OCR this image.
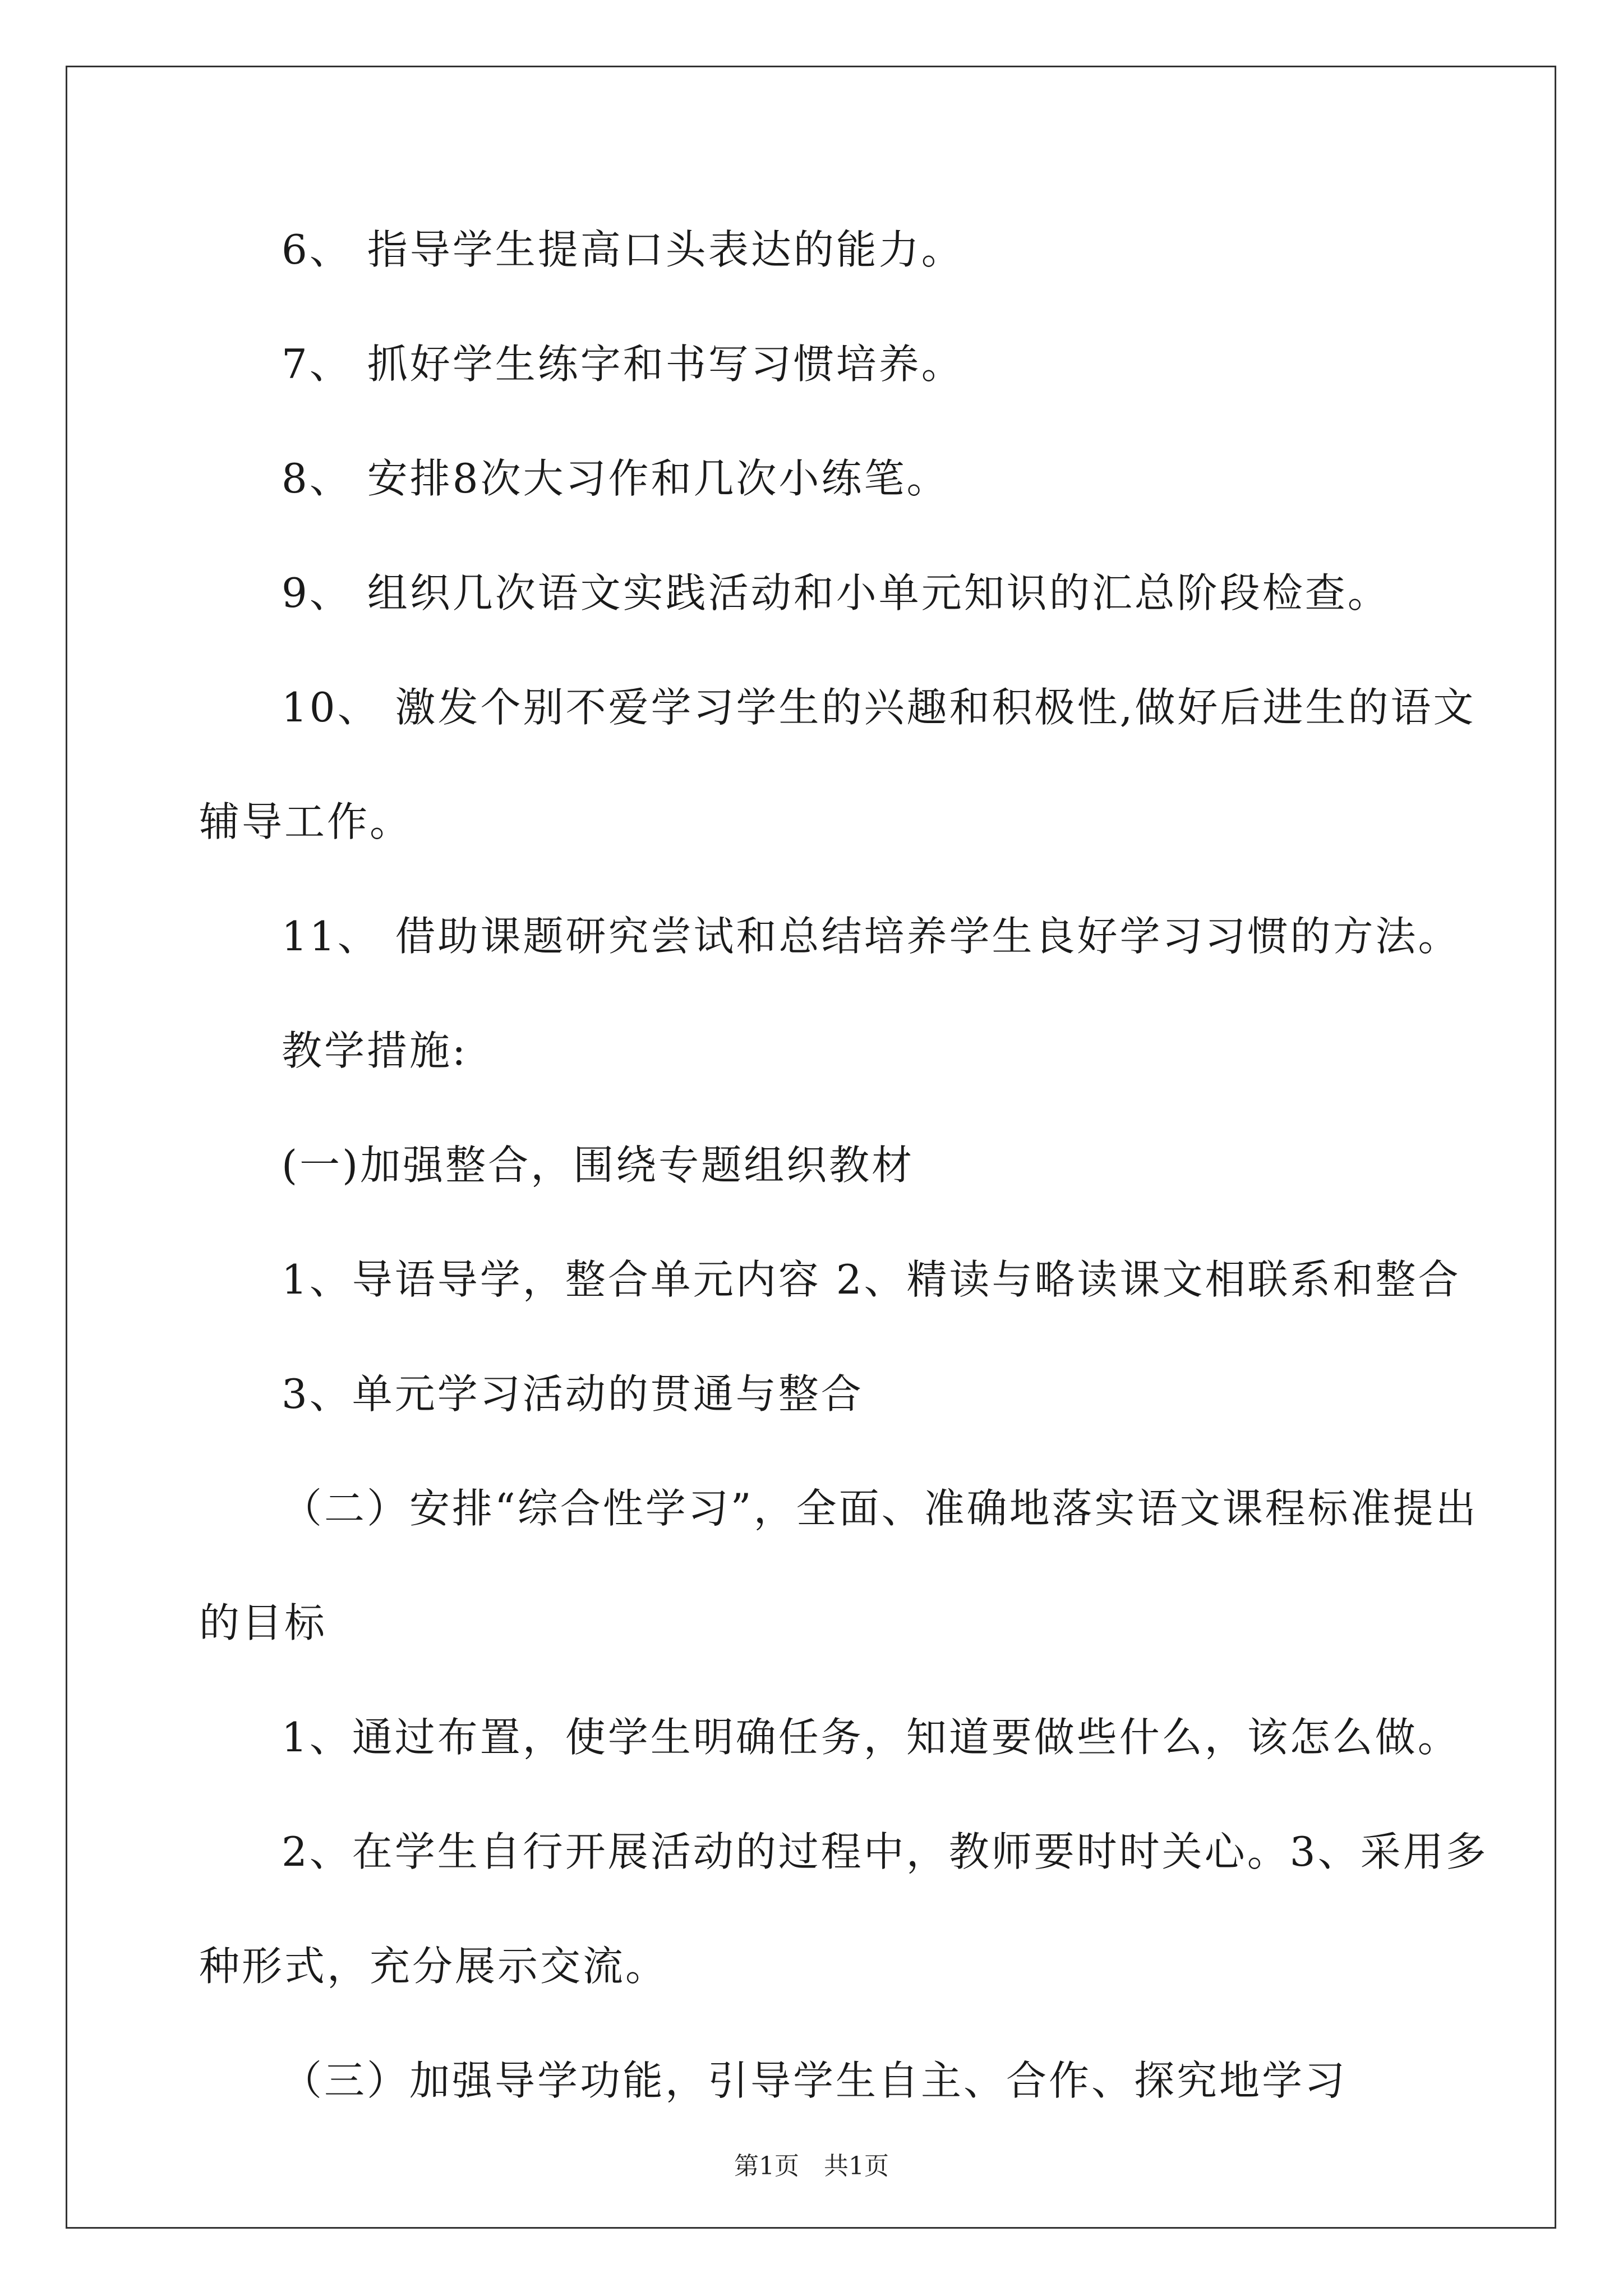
6、 指导学生提高口头表达的能力。
7、 抓好学生练字和书写习惯培养。
8、 安排8次大习作和几次小练笔。
9、 组织几次语文实践活动和小单元知识的汇总阶段检查。
10、 激发个别不爱学习学生的兴趣和积极性,做好后进生的语文
辅导工作。
11、 借助课题研究尝试和总结培养学生良好学习习惯的方法。
教学措施:
(一)加强整合，围绕专题组织教材
1、导语导学，整合单元内容 2、精读与略读课文相联系和整合
3、单元学习活动的贯通与整合
（二）安排“综合性学习”，全面、准确地落实语文课程标准提出
的目标
1、通过布置，使学生明确任务，知道要做些什么，该怎么做。
2、在学生自行开展活动的过程中，教师要时时关心。3、采用多
种形式，充分展示交流。
（三）加强导学功能，引导学生自主、合作、探究地学习
第1页　共1页
